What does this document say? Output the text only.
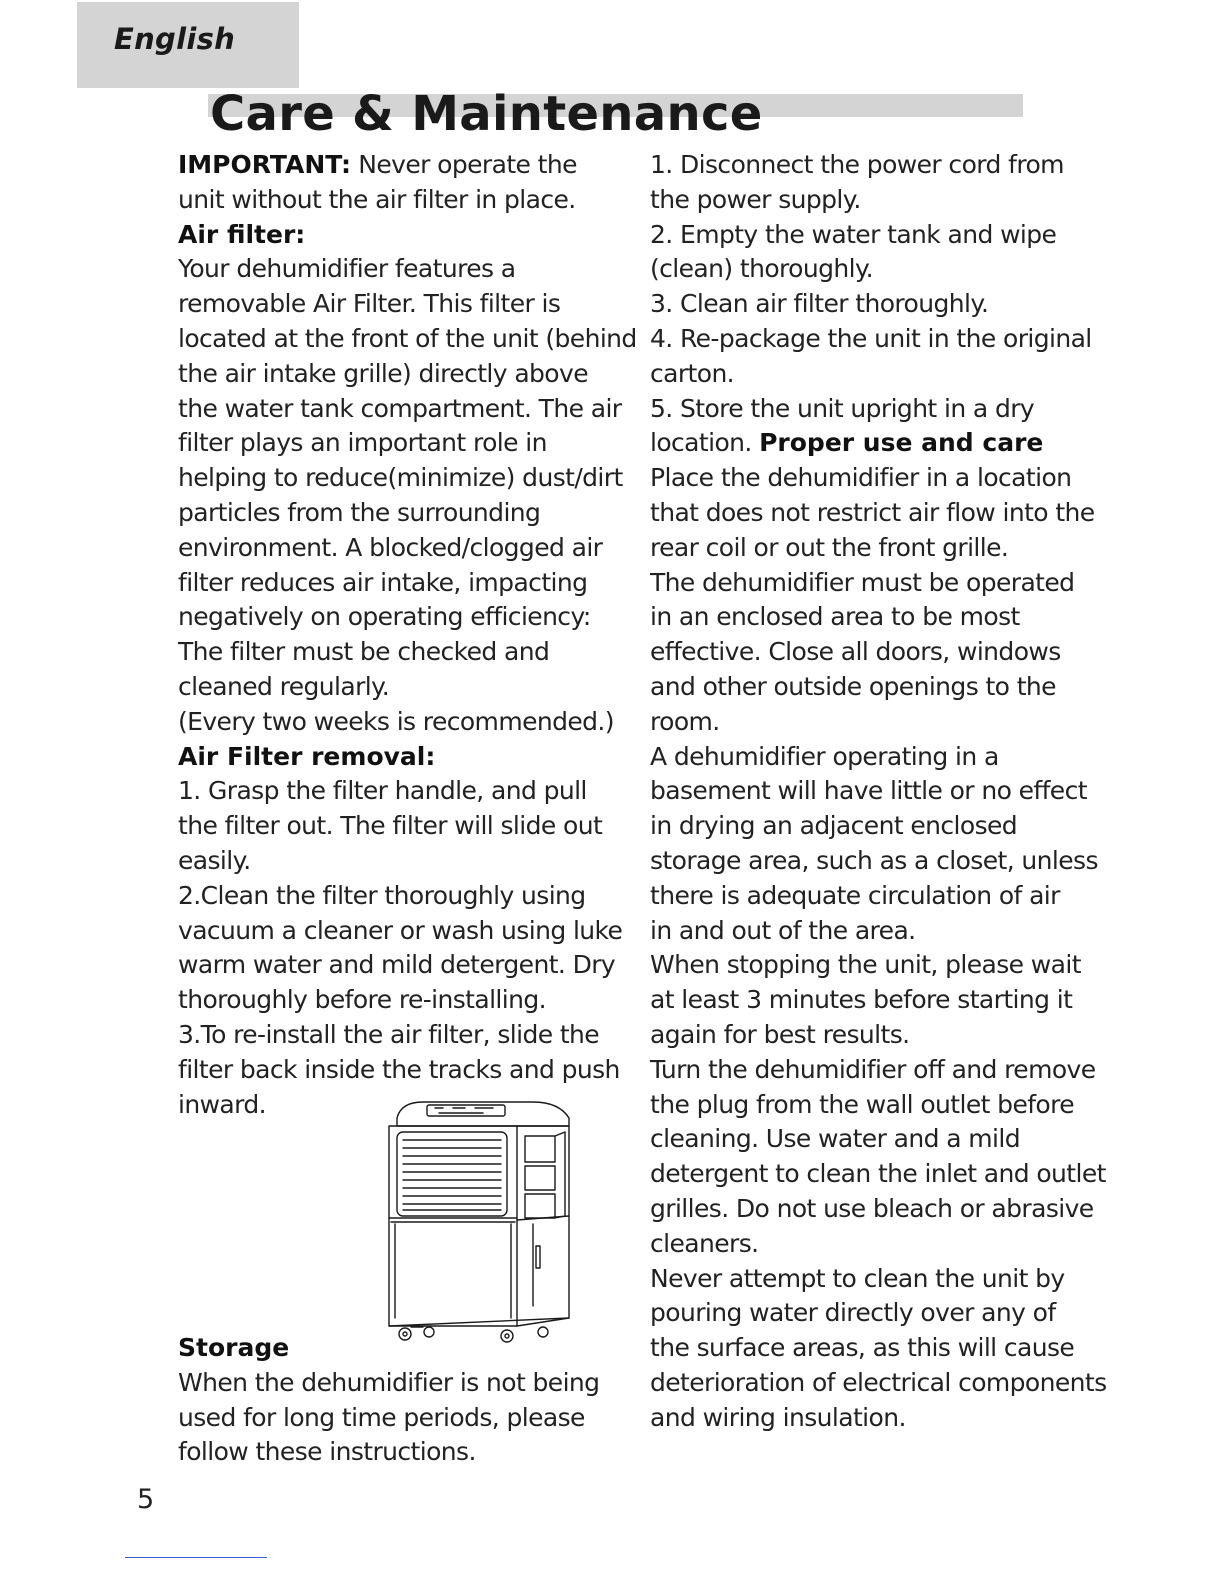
English
Care & Maintenance
IMPORTANT: Never operate the
unit without the air filter in place.
Air filter:
Your dehumidifier features a
removable Air Filter. This filter is
located at the front of the unit (behind
the air intake grille) directly above
the water tank compartment. The air
filter plays an important role in
helping to reduce(minimize) dust/dirt
particles from the surrounding
environment. A blocked/clogged air
filter reduces air intake, impacting
negatively on operating efficiency:
The filter must be checked and
cleaned regularly.
(Every two weeks is recommended.)
Air Filter removal:
1. Grasp the filter handle, and pull
the filter out. The filter will slide out
easily.
2.Clean the filter thoroughly using
vacuum a cleaner or wash using luke
warm water and mild detergent. Dry
thoroughly before re-installing.
3.To re-install the air filter, slide the
filter back inside the tracks and push
inward.
Storage
When the dehumidifier is not being
used for long time periods, please
follow these instructions.
1. Disconnect the power cord from
the power supply.
2. Empty the water tank and wipe
(clean) thoroughly.
3. Clean air filter thoroughly.
4. Re-package the unit in the original
carton.
5. Store the unit upright in a dry
location. Proper use and care
Place the dehumidifier in a location
that does not restrict air flow into the
rear coil or out the front grille.
The dehumidifier must be operated
in an enclosed area to be most
effective. Close all doors, windows
and other outside openings to the
room.
A dehumidifier operating in a
basement will have little or no effect
in drying an adjacent enclosed
storage area, such as a closet, unless
there is adequate circulation of air
in and out of the area.
When stopping the unit, please wait
at least 3 minutes before starting it
again for best results.
Turn the dehumidifier off and remove
the plug from the wall outlet before
cleaning. Use water and a mild
detergent to clean the inlet and outlet
grilles. Do not use bleach or abrasive
cleaners.
Never attempt to clean the unit by
pouring water directly over any of
the surface areas, as this will cause
deterioration of electrical components
and wiring insulation.
5
